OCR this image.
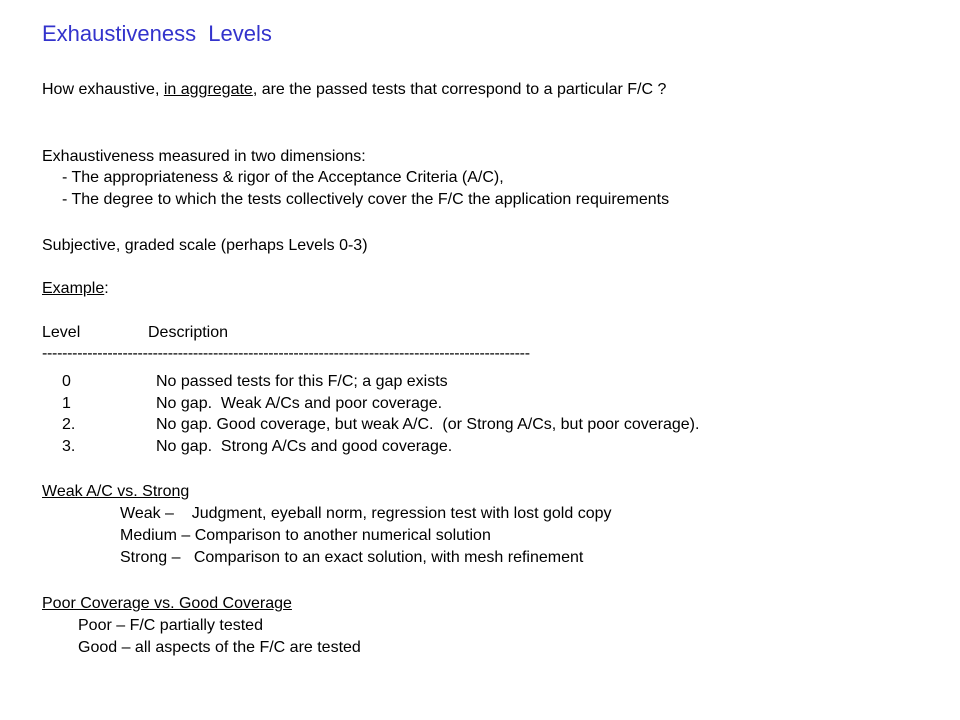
Exhaustiveness  Levels
How exhaustive, in aggregate, are the passed tests that correspond to a particular F/C ?
Exhaustiveness measured in two dimensions:
- The appropriateness & rigor of the Acceptance Criteria (A/C),
- The degree to which the tests collectively cover the F/C the application requirements
Subjective, graded scale (perhaps Levels 0-3)
Example:
Level	Description
-------------------------------------------------------------------------------------------------
0	No passed tests for this F/C; a gap exists
1	No gap.  Weak A/Cs and poor coverage.
2.	No gap. Good coverage, but weak A/C.  (or Strong A/Cs, but poor coverage).
3.	No gap.  Strong A/Cs and good coverage.
Weak A/C vs. Strong
Weak –    Judgment, eyeball norm, regression test with lost gold copy
Medium – Comparison to another numerical solution
Strong –   Comparison to an exact solution, with mesh refinement
Poor Coverage vs. Good Coverage
Poor – F/C partially tested
Good – all aspects of the F/C are tested
